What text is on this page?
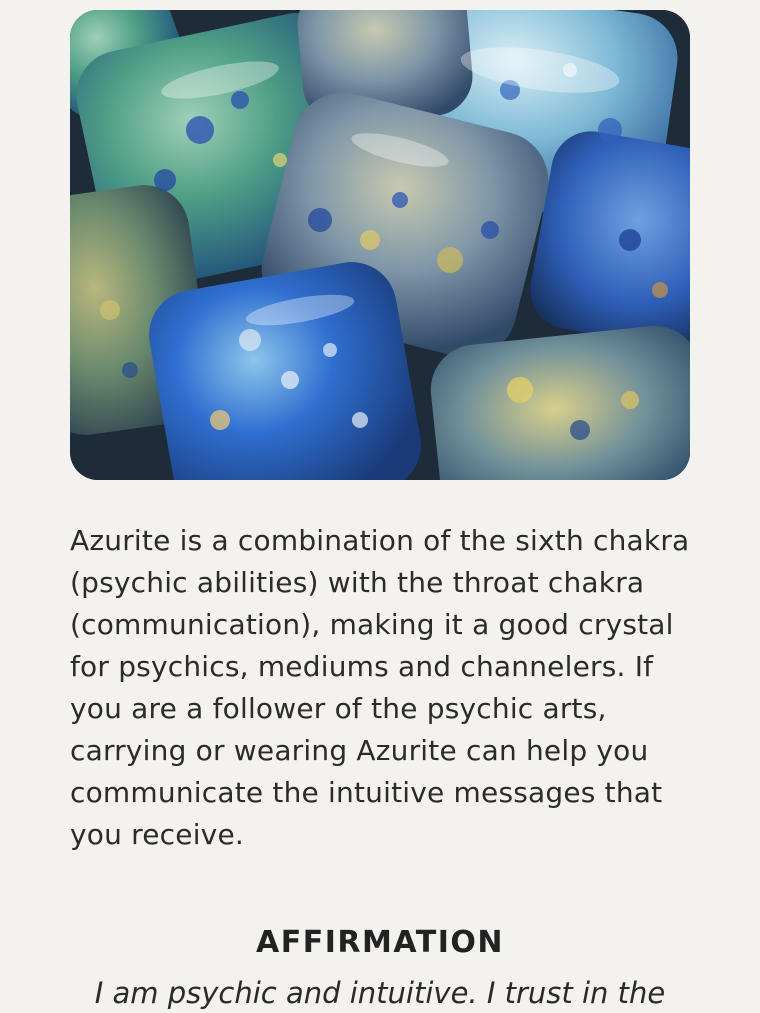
Azurite is a combination of the sixth chakra (psychic abilities) with the throat chakra (communication), making it a good crystal for psychics, mediums and channelers. If you are a follower of the psychic arts, carrying or wearing Azurite can help you communicate the intuitive messages that you receive.

AFFIRMATION

I am psychic and intuitive. I trust in the
